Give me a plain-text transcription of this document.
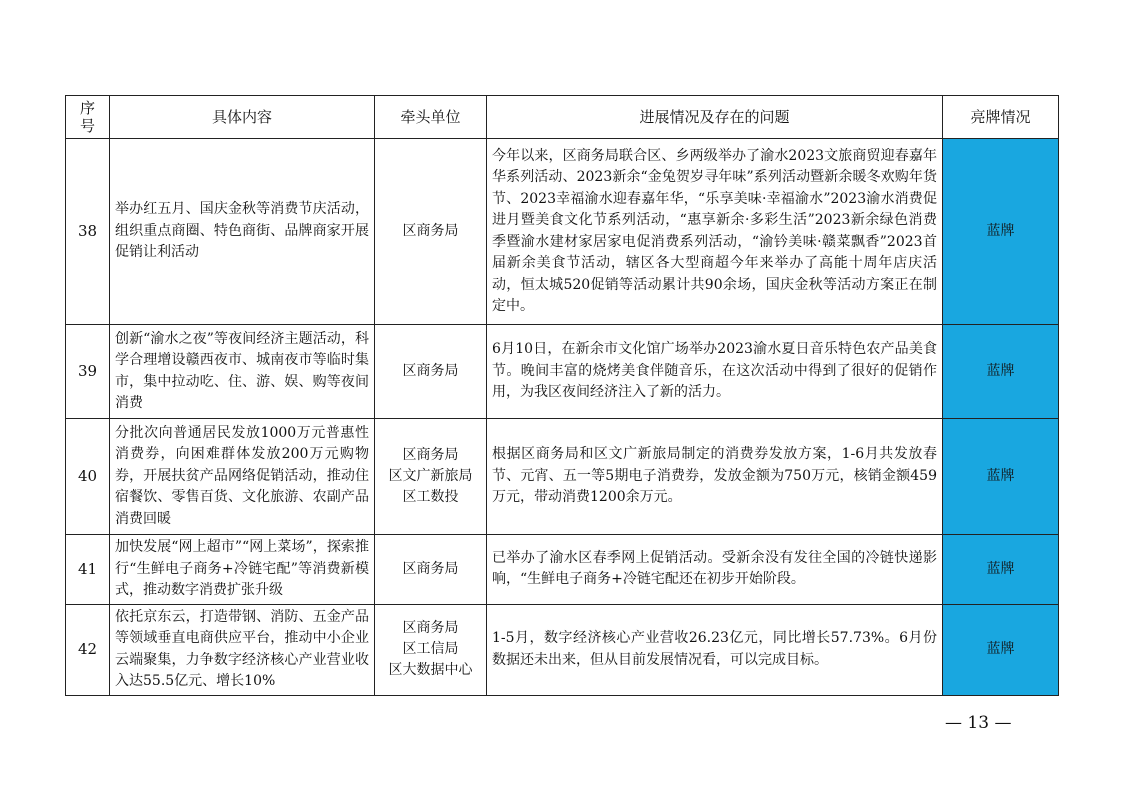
序号	具体内容	牵头单位	进展情况及存在的问题	亮牌情况
38	举办红五月、国庆金秋等消费节庆活动，组织重点商圈、特色商街、品牌商家开展促销让利活动	区商务局	今年以来，区商务局联合区、乡两级举办了渝水2023文旅商贸迎春嘉年华系列活动、2023新余“金兔贺岁寻年味”系列活动暨新余暖冬欢购年货节、2023幸福渝水迎春嘉年华，“乐享美味·幸福渝水”2023渝水消费促进月暨美食文化节系列活动，“惠享新余·多彩生活”2023新余绿色消费季暨渝水建材家居家电促消费系列活动，“渝钤美味·赣菜飘香”2023首届新余美食节活动，辖区各大型商超今年来举办了高能十周年店庆活动，恒太城520促销等活动累计共90余场，国庆金秋等活动方案正在制定中。	蓝牌
39	创新“渝水之夜”等夜间经济主题活动，科学合理增设赣西夜市、城南夜市等临时集市，集中拉动吃、住、游、娱、购等夜间消费	区商务局	6月10日，在新余市文化馆广场举办2023渝水夏日音乐特色农产品美食节。晚间丰富的烧烤美食伴随音乐，在这次活动中得到了很好的促销作用，为我区夜间经济注入了新的活力。	蓝牌
40	分批次向普通居民发放1000万元普惠性消费券，向困难群体发放200万元购物券，开展扶贫产品网络促销活动，推动住宿餐饮、零售百货、文化旅游、农副产品消费回暖	区商务局
区文广新旅局
区工数投	根据区商务局和区文广新旅局制定的消费券发放方案，1-6月共发放春节、元宵、五一等5期电子消费券，发放金额为750万元，核销金额459万元，带动消费1200余万元。	蓝牌
41	加快发展“网上超市”“网上菜场”，探索推行“生鲜电子商务+冷链宅配”等消费新模式，推动数字消费扩张升级	区商务局	已举办了渝水区春季网上促销活动。受新余没有发往全国的冷链快递影响，“生鲜电子商务+冷链宅配还在初步开始阶段。	蓝牌
42	依托京东云，打造带钢、消防、五金产品等领域垂直电商供应平台，推动中小企业云端聚集，力争数字经济核心产业营业收入达55.5亿元、增长10%	区商务局
区工信局
区大数据中心	1-5月，数字经济核心产业营收26.23亿元，同比增长57.73%。6月份数据还未出来，但从目前发展情况看，可以完成目标。	蓝牌
— 13 —
